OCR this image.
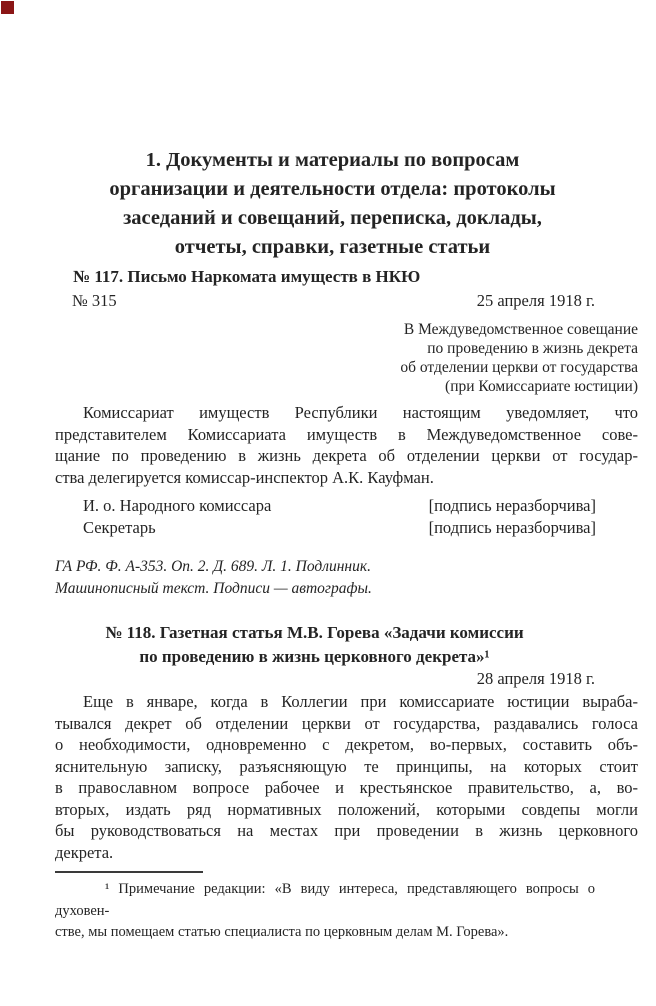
1. Документы и материалы по вопросам
организации и деятельности отдела: протоколы
заседаний и совещаний, переписка, доклады,
отчеты, справки, газетные статьи
№ 117. Письмо Наркомата имуществ в НКЮ
№ 315	25 апреля 1918 г.
В Междуведомственное совещание
по проведению в жизнь декрета
об отделении церкви от государства
(при Комиссариате юстиции)
Комиссариат имуществ Республики настоящим уведомляет, что
представителем Комиссариата имуществ в Междуведомственное сове-
щание по проведению в жизнь декрета об отделении церкви от государ-
ства делегируется комиссар-инспектор А.К. Кауфман.
И. о. Народного комиссара	[подпись неразборчива]
Секретарь	[подпись неразборчива]
ГА РФ. Ф. А-353. Оп. 2. Д. 689. Л. 1. Подлинник.
Машинописный текст. Подписи — автографы.
№ 118. Газетная статья М.В. Горева «Задачи комиссии
по проведению в жизнь церковного декрета»¹
28 апреля 1918 г.
Еще в январе, когда в Коллегии при комиссариате юстиции выраба-
тывался декрет об отделении церкви от государства, раздавались голоса
о необходимости, одновременно с декретом, во-первых, составить объ-
яснительную записку, разъясняющую те принципы, на которых стоит
в православном вопросе рабочее и крестьянское правительство, а, во-
вторых, издать ряд нормативных положений, которыми совдепы могли
бы руководствоваться на местах при проведении в жизнь церковного
декрета.
¹ Примечание редакции: «В виду интереса, представляющего вопросы о духовен-
стве, мы помещаем статью специалиста по церковным делам М. Горева».
